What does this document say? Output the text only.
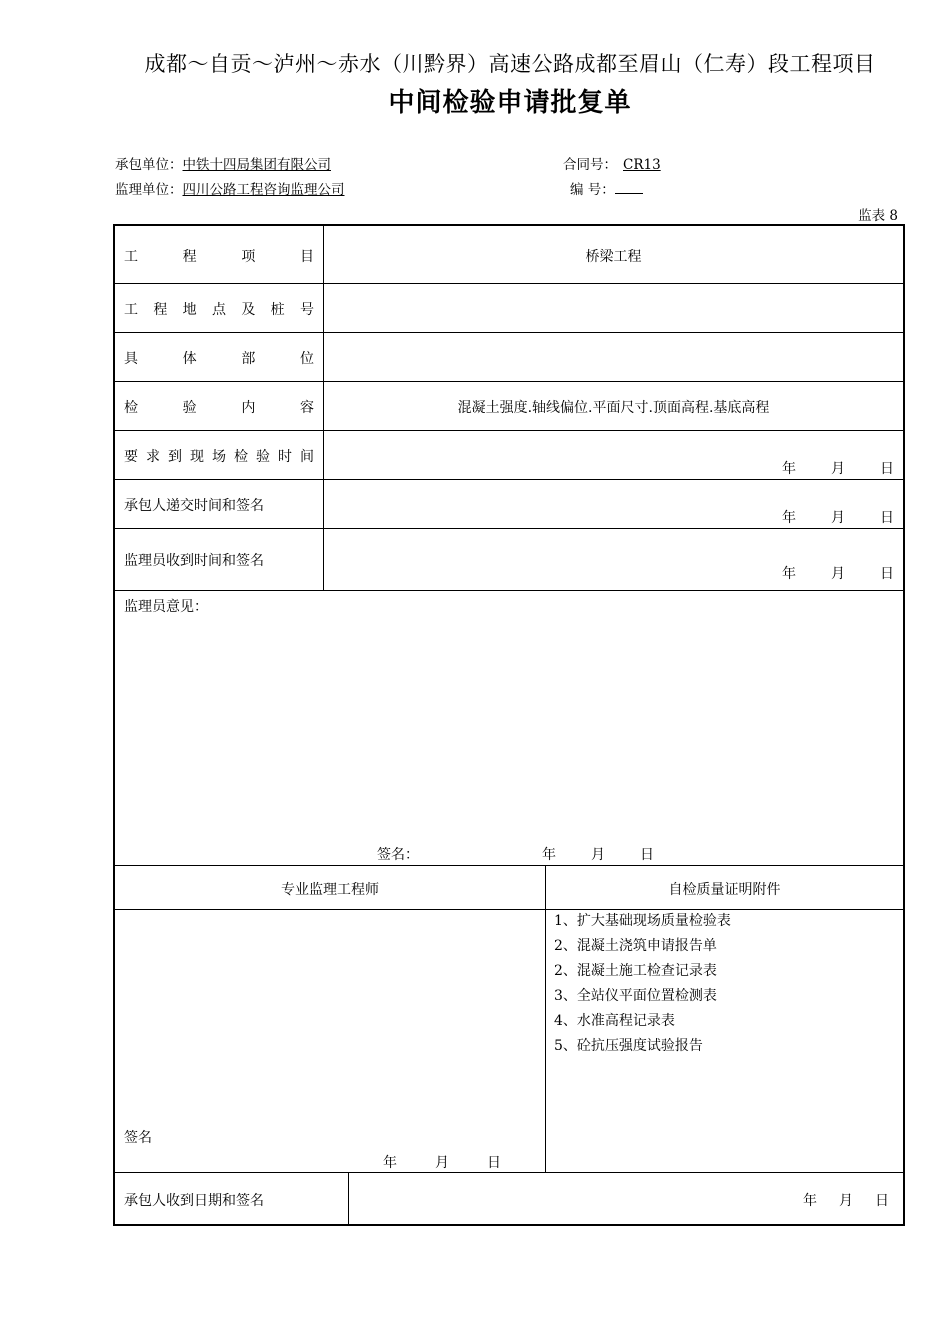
成都～自贡～泸州～赤水（川黔界）高速公路成都至眉山（仁寿）段工程项目
中间检验申请批复单
承包单位：中铁十四局集团有限公司	合同号： CR13
监理单位：四川公路工程咨询监理公司	编 号：
监表 8
工	程	项	目	桥梁工程
工 程 地 点 及 桩 号
具	体	部	位
检	验	内	容	混凝土强度.轴线偏位.平面尺寸.顶面高程.基底高程
要 求 到 现 场 检 验 时 间
年	月	日
承包人递交时间和签名
年	月	日
监理员收到时间和签名
年	月	日
监理员意见：
签名：	年	月	日
专业监理工程师	自检质量证明附件
签名
年	月	日
1、扩大基础现场质量检验表
2、混凝土浇筑申请报告单
2、混凝土施工检查记录表
3、全站仪平面位置检测表
4、水准高程记录表
5、砼抗压强度试验报告
承包人收到日期和签名	年 月 日
